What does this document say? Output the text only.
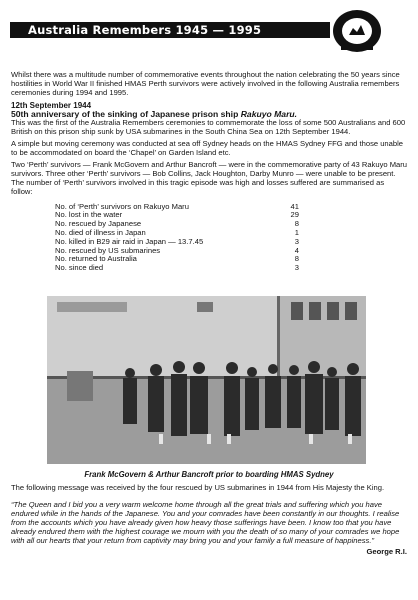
Australia Remembers 1945 — 1995

Whilst there was a multitude number of commemorative events throughout the nation celebrating the 50 years since hostilities in World War II finished HMAS Perth survivors were actively involved in the following Australia remembers ceremonies during 1994 and 1995.

12th September 1944

50th anniversary of the sinking of Japanese prison ship Rakuyo Maru.

This was the first of the Australia Remembers ceremonies to commemorate the loss of some 500 Australians and 600 British on this prison ship sunk by USA submarines in the South China Sea on 12th September 1944.

A simple but moving ceremony was conducted at sea off Sydney heads on the HMAS Sydney FFG and those unable to be accommodated on board the ‘Chapel’ on Garden Island etc.

Two ‘Perth’ survivors — Frank McGovern and Arthur Bancroft — were in the commemorative party of 43 Rakuyo Maru survivors. Three other ‘Perth’ survivors — Bob Collins, Jack Houghton, Darby Munro — were unable to be present. The number of ‘Perth’ survivors involved in this tragic episode was high and losses suffered are summarised as follow:

No. of ‘Perth’ survivors on Rakuyo Maru	41
No. lost in the water	29
No. rescued by Japanese	8
No. died of illness in Japan	1
No. killed in B29 air raid in Japan — 13.7.45	3
No. rescued by US submarines	4
No. returned to Australia	8
No. since died	3
Frank McGovern & Arthur Bancroft prior to boarding HMAS Sydney

The following message was received by the four rescued by US submarines in 1944 from His Majesty the King.

“The Queen and I bid you a very warm welcome home through all the great trials and suffering which you have endured while in the hands of the Japanese. You and your comrades have been constantly in our thoughts. I realise from the accounts which you have already given how heavy those sufferings have been. I know too that you have already endured them with the highest courage we mourn with you the death of so many of your comrades we hope with all our hearts that your return from captivity may bring you and your family a full measure of happiness.”

George R.I.
